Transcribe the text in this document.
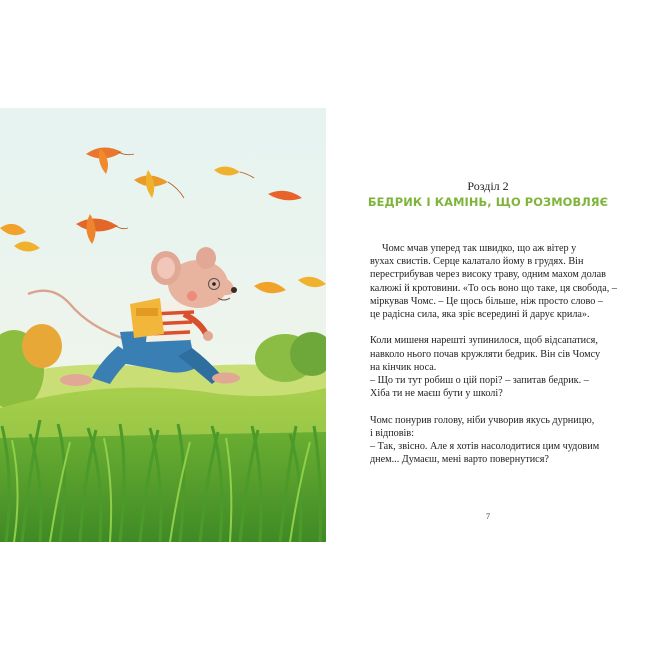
Розділ 2

БЕДРИК І КАМІНЬ, ЩО РОЗМОВЛЯЄ

Чомс мчав уперед так швидко, що аж вітер у
вухах свистів. Серце калатало йому в грудях. Він
перестрибував через високу траву, одним махом долав
калюжі й кротовини. «То ось воно що таке, ця свобода, –
міркував Чомс. – Це щось більше, ніж просто слово –
це радісна сила, яка зріє всередині й дарує крила».
Коли мишеня нарешті зупинилося, щоб відсапатися,
навколо нього почав кружляти бедрик. Він сів Чомсу
на кінчик носа.
– Що ти тут робиш о цій порі? – запитав бедрик. –
Хіба ти не маєш бути у школі?
Чомс понурив голову, ніби учворив якусь дурницю,
і відповів:
– Так, звісно. Але я хотів насолодитися цим чудовим
днем... Думаєш, мені варто повернутися?
7
